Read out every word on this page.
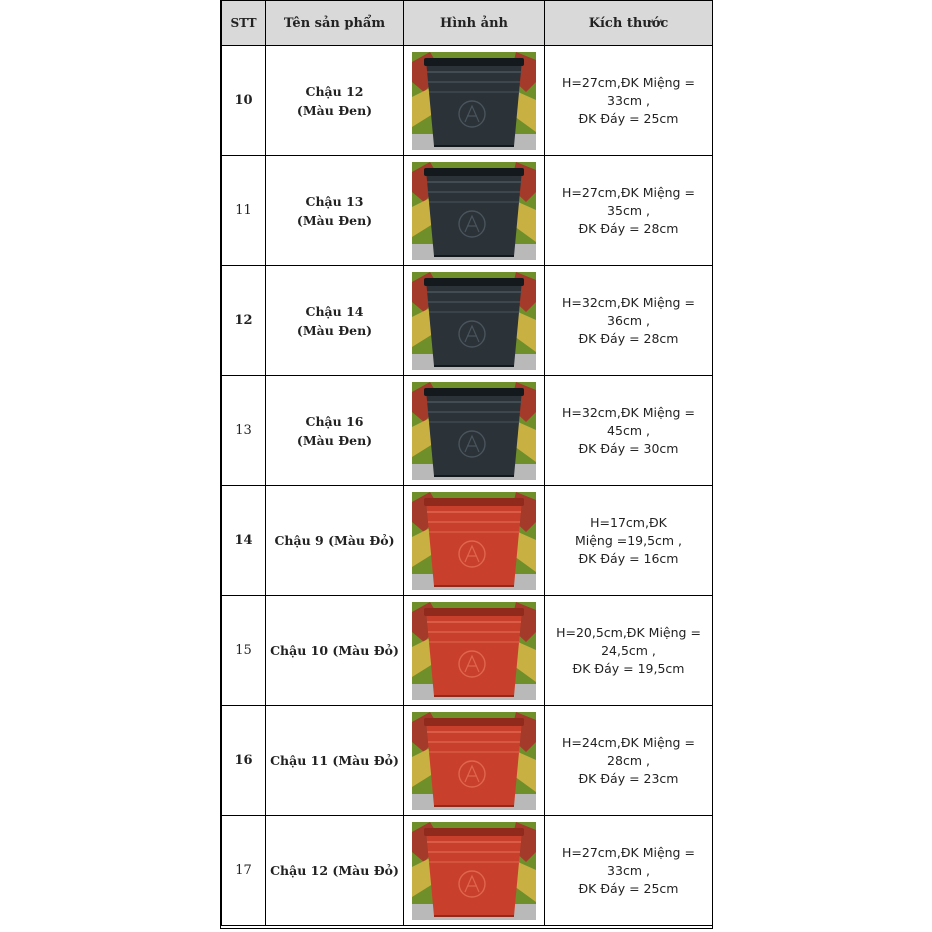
STT	Tên sản phẩm	Hình ảnh	Kích thước
10	Chậu 12
(Màu Đen)		H=27cm,ĐK Miệng =
33cm ,
ĐK Đáy = 25cm
11	Chậu 13
(Màu Đen)		H=27cm,ĐK Miệng =
35cm ,
ĐK Đáy = 28cm
12	Chậu 14
(Màu Đen)		H=32cm,ĐK Miệng =
36cm ,
ĐK Đáy = 28cm
13	Chậu 16
(Màu Đen)		H=32cm,ĐK Miệng =
45cm ,
ĐK Đáy = 30cm
14	Chậu 9 (Màu Đỏ)		H=17cm,ĐK
Miệng =19,5cm ,
ĐK Đáy = 16cm
15	Chậu 10 (Màu Đỏ)		H=20,5cm,ĐK Miệng =
24,5cm ,
ĐK Đáy = 19,5cm
16	Chậu 11 (Màu Đỏ)		H=24cm,ĐK Miệng =
28cm ,
ĐK Đáy = 23cm
17	Chậu 12 (Màu Đỏ)		H=27cm,ĐK Miệng =
33cm ,
ĐK Đáy = 25cm
